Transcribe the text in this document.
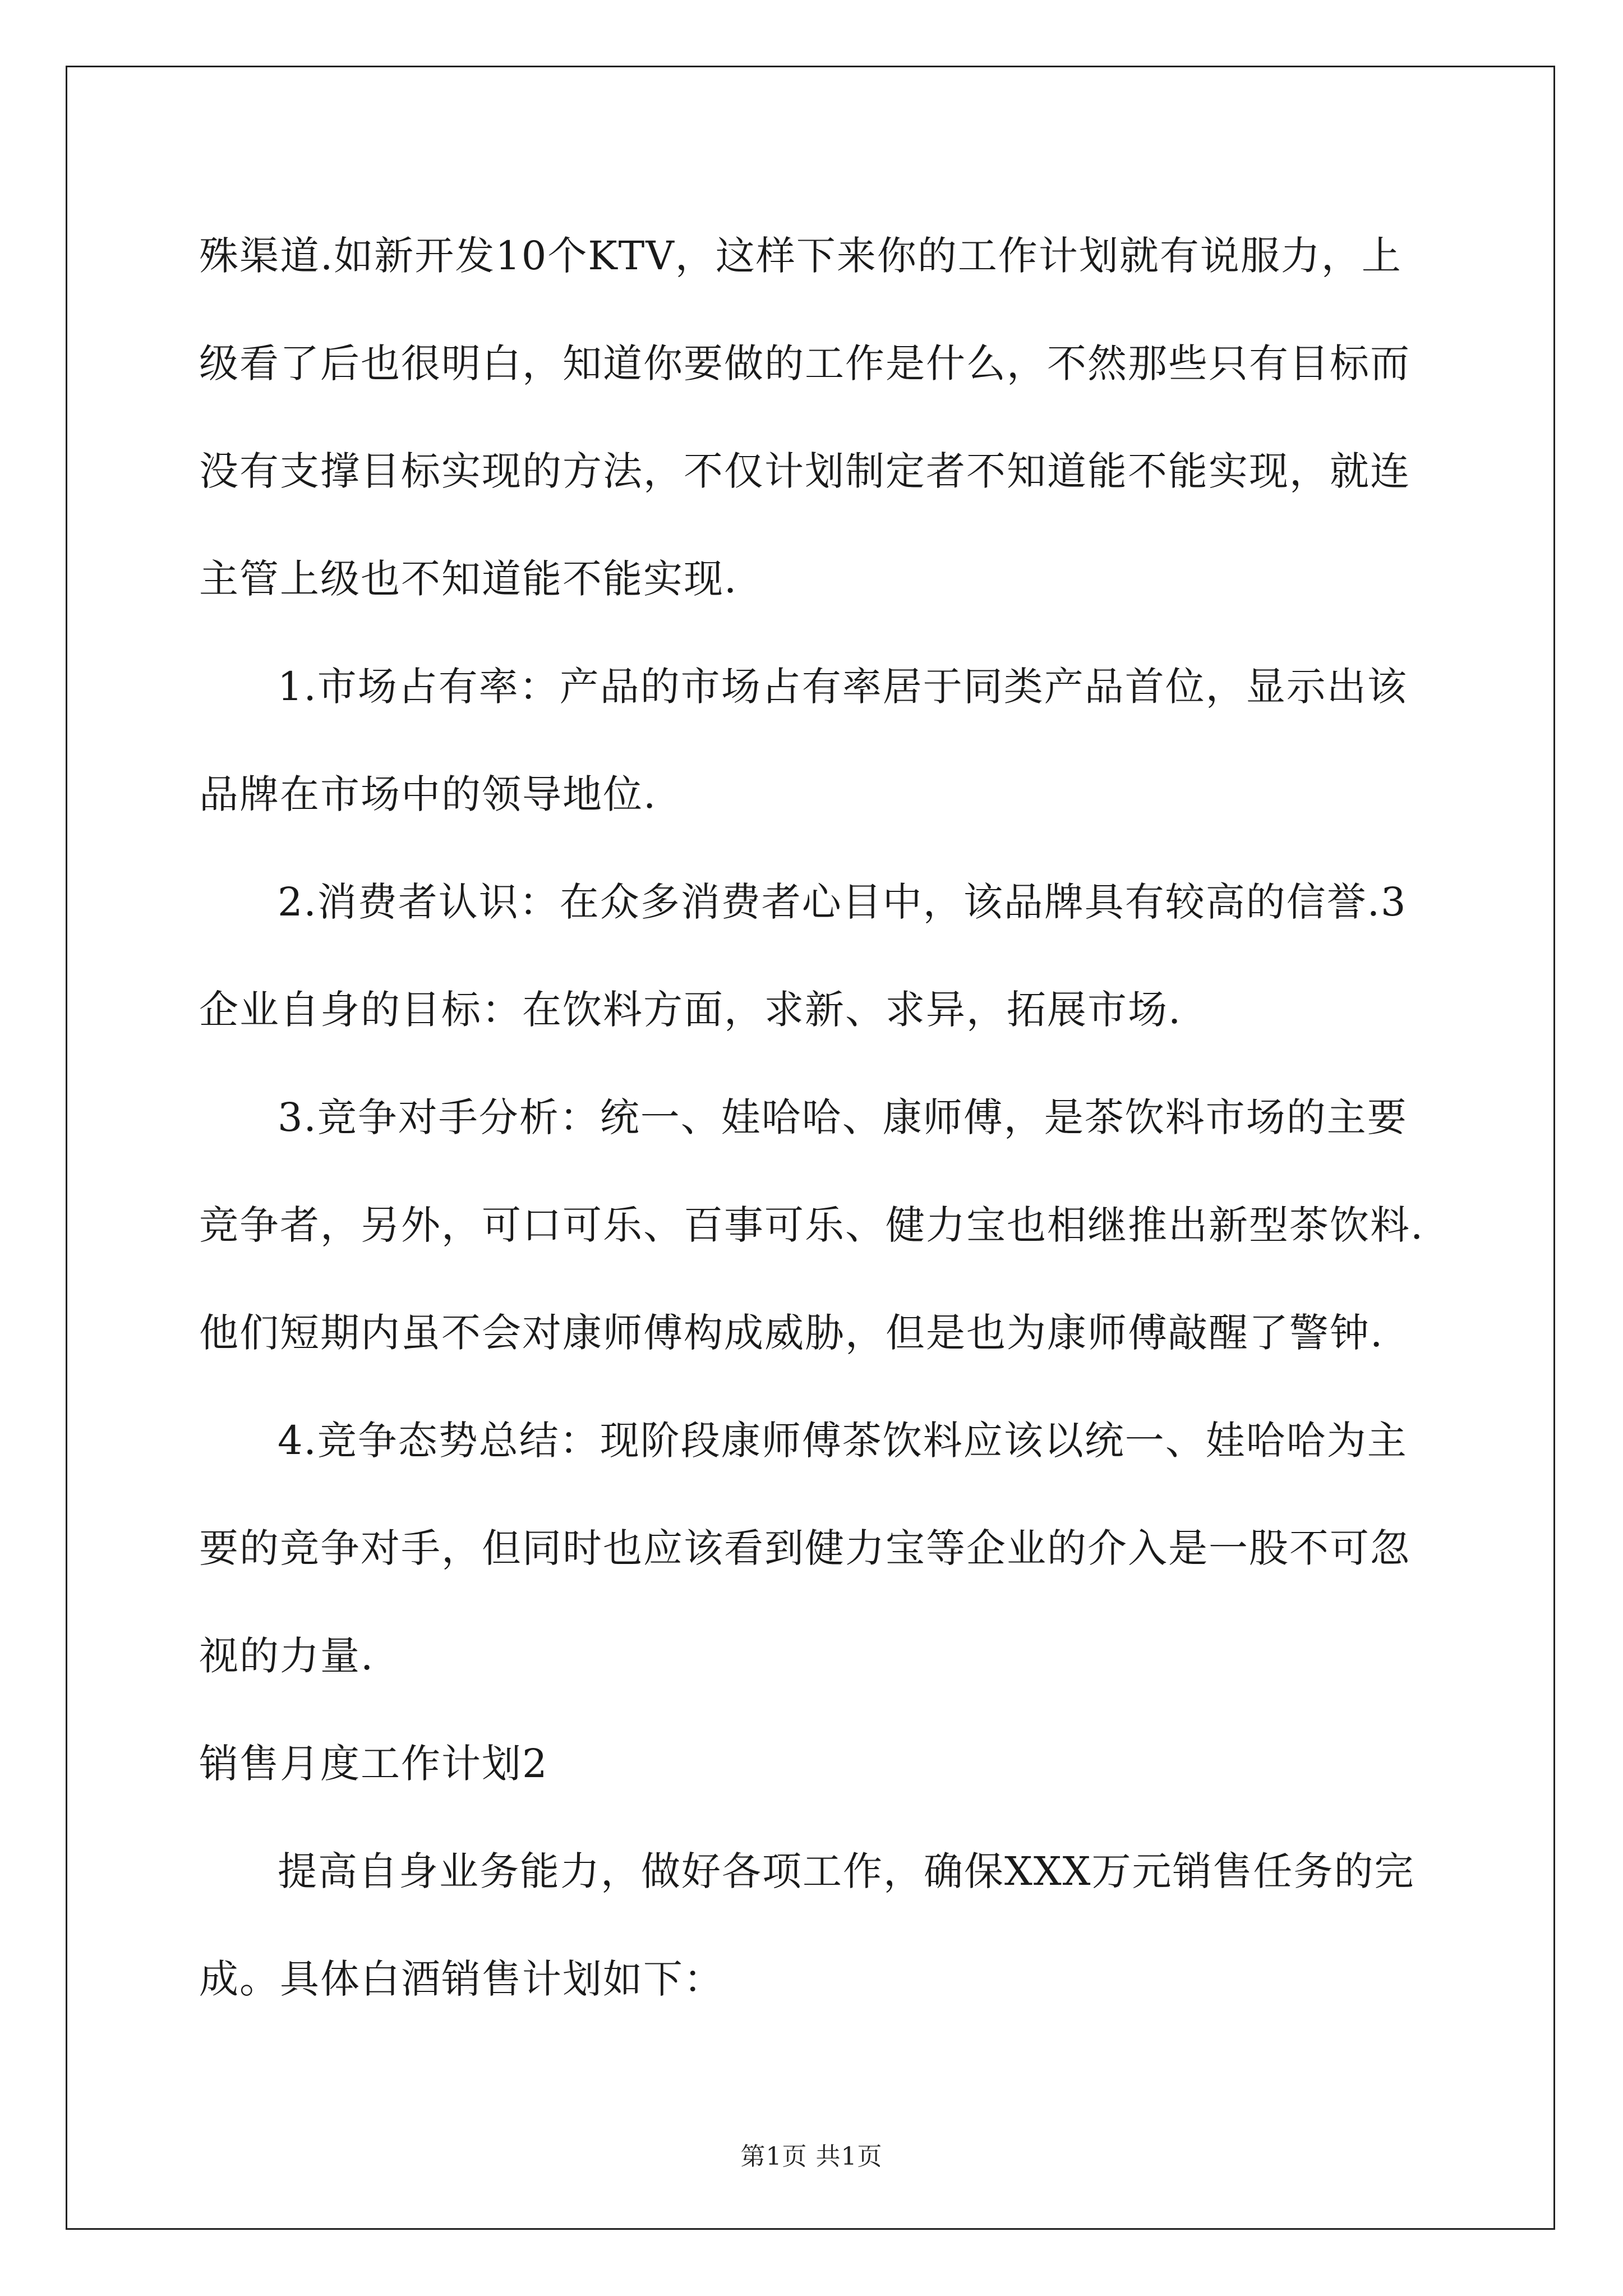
殊渠道.如新开发10个KTV，这样下来你的工作计划就有说服力，上
级看了后也很明白，知道你要做的工作是什么，不然那些只有目标而
没有支撑目标实现的方法，不仅计划制定者不知道能不能实现，就连
主管上级也不知道能不能实现.
1.市场占有率：产品的市场占有率居于同类产品首位，显示出该
品牌在市场中的领导地位.
2.消费者认识：在众多消费者心目中，该品牌具有较高的信誉.3
企业自身的目标：在饮料方面，求新、求异，拓展市场.
3.竞争对手分析：统一、娃哈哈、康师傅，是茶饮料市场的主要
竞争者，另外，可口可乐、百事可乐、健力宝也相继推出新型茶饮料.
他们短期内虽不会对康师傅构成威胁，但是也为康师傅敲醒了警钟.
4.竞争态势总结：现阶段康师傅茶饮料应该以统一、娃哈哈为主
要的竞争对手，但同时也应该看到健力宝等企业的介入是一股不可忽
视的力量.
销售月度工作计划2
提高自身业务能力，做好各项工作，确保XXX万元销售任务的完
成。具体白酒销售计划如下：
第1页 共1页
